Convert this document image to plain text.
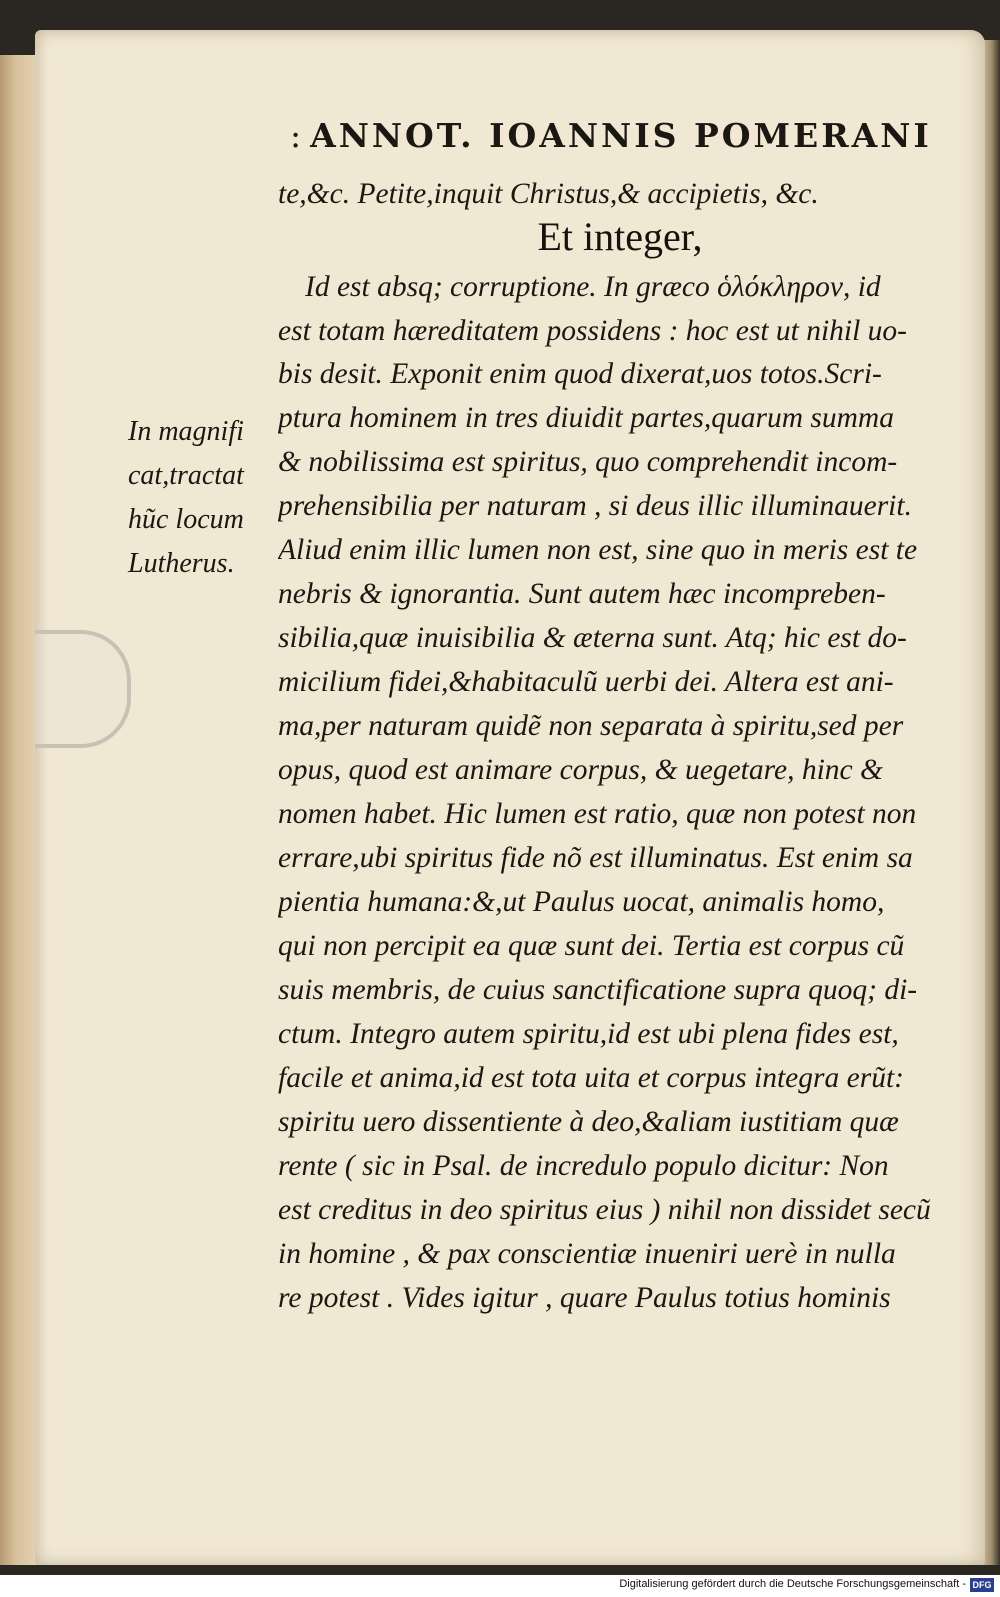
: ANNOT. IOANNIS POMERANI
te,&c. Petite,inquit Christus,& accipietis, &c.
Et integer,
Id est absq; corruptione. In græco ὁλόκληρον, id
est totam hæreditatem possidens : hoc est ut nihil uo-
bis desit. Exponit enim quod dixerat,uos totos.Scri-
ptura hominem in tres diuidit partes,quarum summa
& nobilissima est spiritus, quo comprehendit incom-
prehensibilia per naturam , si deus illic illuminauerit.
Aliud enim illic lumen non est, sine quo in meris est te
nebris & ignorantia. Sunt autem hæc incompreben-
sibilia,quæ inuisibilia & æterna sunt. Atq; hic est do-
micilium fidei,&habitaculũ uerbi dei. Altera est ani-
ma,per naturam quidẽ non separata à spiritu,sed per
opus, quod est animare corpus, & uegetare, hinc &
nomen habet. Hic lumen est ratio, quæ non potest non
errare,ubi spiritus fide nõ est illuminatus. Est enim sa
pientia humana:&,ut Paulus uocat, animalis homo,
qui non percipit ea quæ sunt dei. Tertia est corpus cũ
suis membris, de cuius sanctificatione supra quoq; di-
ctum. Integro autem spiritu,id est ubi plena fides est,
facile et anima,id est tota uita et corpus integra erũt:
spiritu uero dissentiente à deo,&aliam iustitiam quæ
rente ( sic in Psal. de incredulo populo dicitur: Non
est creditus in deo spiritus eius ) nihil non dissidet secũ
in homine , & pax conscientiæ inueniri uerè in nulla
re potest . Vides igitur , quare Paulus totius hominis
In magnifi
cat,tractat
hũc locum
Lutherus.
Digitalisierung gefördert durch die Deutsche Forschungsgemeinschaft - DFG
